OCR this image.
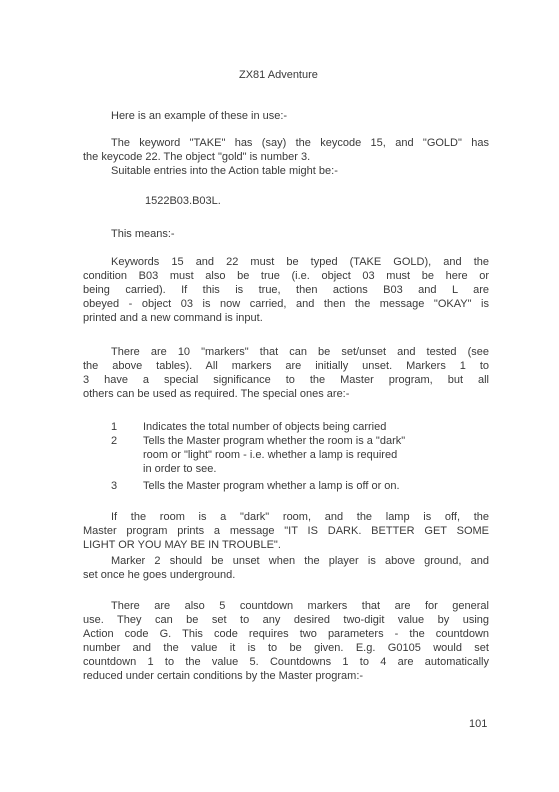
ZX81 Adventure
Here is an example of these in use:-
The keyword "TAKE" has (say) the keycode 15, and "GOLD" has
the keycode 22. The object "gold" is number 3.
Suitable entries into the Action table might be:-
1522B03.B03L.
This means:-
Keywords 15 and 22 must be typed (TAKE GOLD), and the
condition B03 must also be true (i.e. object 03 must be here or
being carried). If this is true, then actions B03 and L are
obeyed - object 03 is now carried, and then the message "OKAY" is
printed and a new command is input.
There are 10 "markers" that can be set/unset and tested (see
the above tables). All markers are initially unset. Markers 1 to
3 have a special significance to the Master program, but all
others can be used as required. The special ones are:-
1 Indicates the total number of objects being carried
2 Tells the Master program whether the room is a "dark"
room or "light" room - i.e. whether a lamp is required
in order to see.
3 Tells the Master program whether a lamp is off or on.
If the room is a "dark" room, and the lamp is off, the
Master program prints a message "IT IS DARK. BETTER GET SOME
LIGHT OR YOU MAY BE IN TROUBLE".
Marker 2 should be unset when the player is above ground, and
set once he goes underground.
There are also 5 countdown markers that are for general
use. They can be set to any desired two-digit value by using
Action code G. This code requires two parameters - the countdown
number and the value it is to be given. E.g. G0105 would set
countdown 1 to the value 5. Countdowns 1 to 4 are automatically
reduced under certain conditions by the Master program:-
101
